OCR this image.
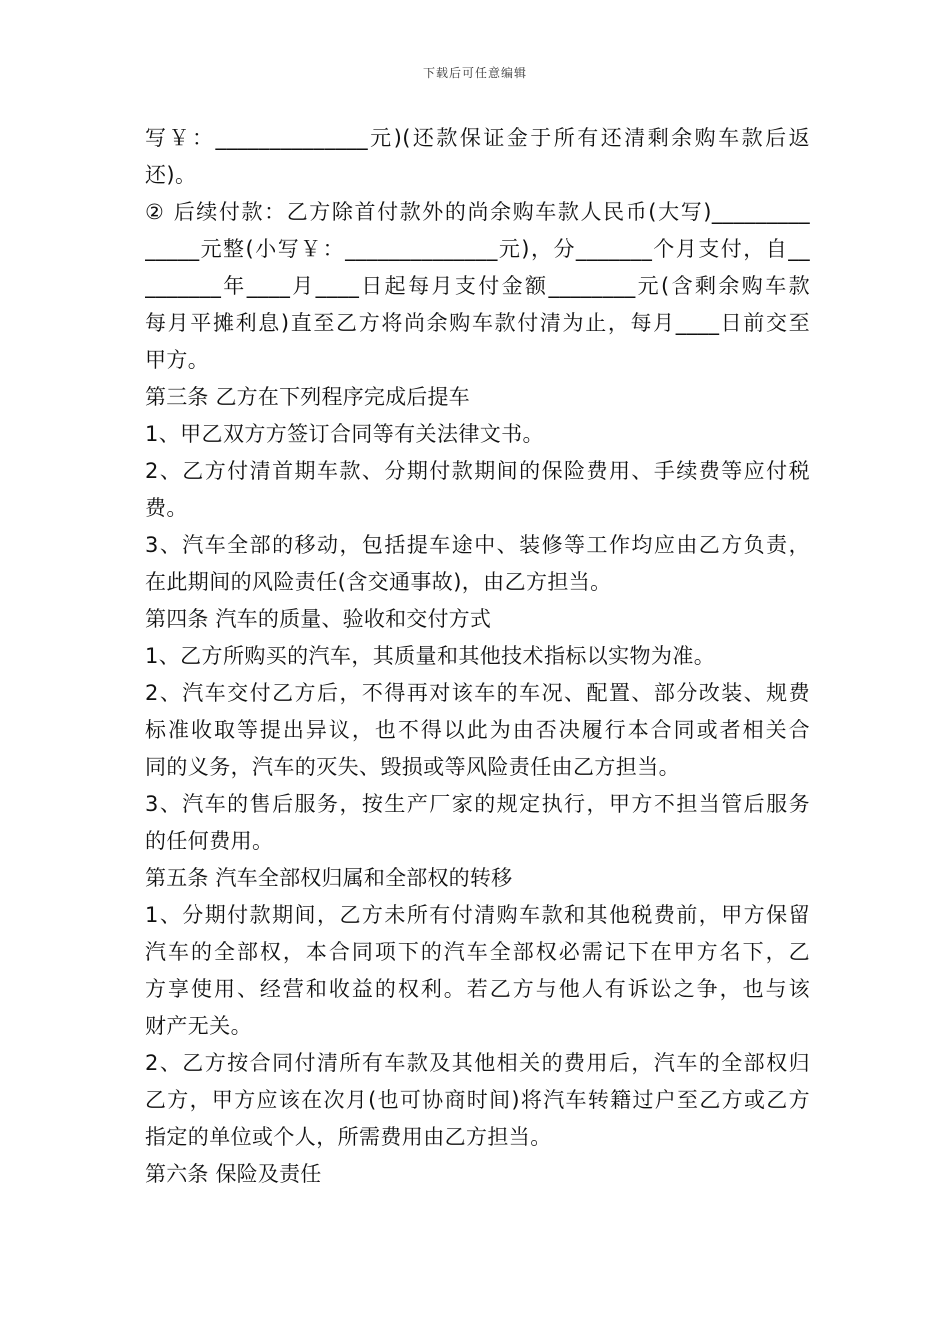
下载后可任意编辑
写￥：______________元)(还款保证金于所有还清剩余购车款后返
还)。
② 后续付款：乙方除首付款外的尚余购车款人民币(大写)_________
_____元整(小写￥：______________元)，分_______个月支付，自__
_______年____月____日起每月支付金额________元(含剩余购车款
每月平摊利息)直至乙方将尚余购车款付清为止，每月____日前交至
甲方。
第三条 乙方在下列程序完成后提车
1、甲乙双方方签订合同等有关法律文书。
2、乙方付清首期车款、分期付款期间的保险费用、手续费等应付税
费。
3、汽车全部的移动，包括提车途中、装修等工作均应由乙方负责，
在此期间的风险责任(含交通事故)，由乙方担当。
第四条 汽车的质量、验收和交付方式
1、乙方所购买的汽车，其质量和其他技术指标以实物为准。
2、汽车交付乙方后，不得再对该车的车况、配置、部分改装、规费
标准收取等提出异议，也不得以此为由否决履行本合同或者相关合
同的义务，汽车的灭失、毁损或等风险责任由乙方担当。
3、汽车的售后服务，按生产厂家的规定执行，甲方不担当管后服务
的任何费用。
第五条 汽车全部权归属和全部权的转移
1、分期付款期间，乙方未所有付清购车款和其他税费前，甲方保留
汽车的全部权，本合同项下的汽车全部权必需记下在甲方名下，乙
方享使用、经营和收益的权利。若乙方与他人有诉讼之争，也与该
财产无关。
2、乙方按合同付清所有车款及其他相关的费用后，汽车的全部权归
乙方，甲方应该在次月(也可协商时间)将汽车转籍过户至乙方或乙方
指定的单位或个人，所需费用由乙方担当。
第六条 保险及责任
